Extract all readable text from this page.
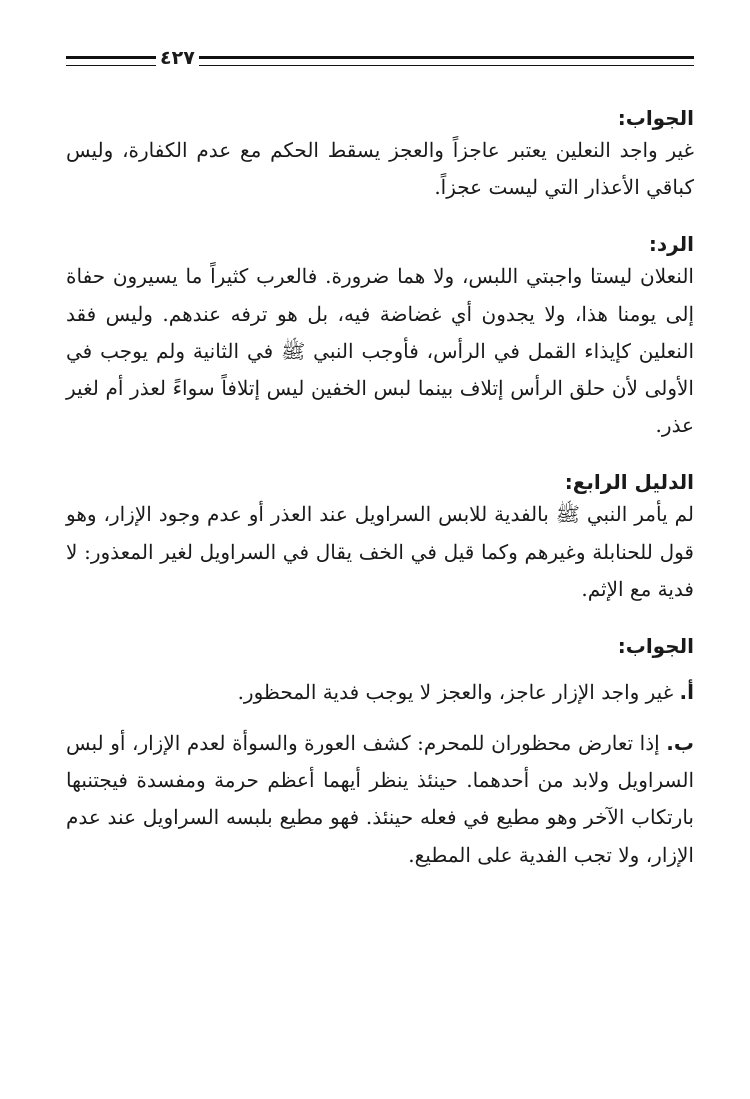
٤٢٧
الجواب:

غير واجد النعلين يعتبر عاجزاً والعجز يسقط الحكم مع عدم الكفارة، وليس كباقي الأعذار التي ليست عجزاً.

الرد:

النعلان ليستا واجبتي اللبس، ولا هما ضرورة. فالعرب كثيراً ما يسيرون حفاة إلى يومنا هذا، ولا يجدون أي غضاضة فيه، بل هو ترفه عندهم. وليس فقد النعلين كإيذاء القمل في الرأس، فأوجب النبي ﷺ في الثانية ولم يوجب في الأولى لأن حلق الرأس إتلاف بينما لبس الخفين ليس إتلافاً سواءً لعذر أم لغير عذر.

الدليل الرابع:

لم يأمر النبي ﷺ بالفدية للابس السراويل عند العذر أو عدم وجود الإزار، وهو قول للحنابلة وغيرهم وكما قيل في الخف يقال في السراويل لغير المعذور: لا فدية مع الإثم.

الجواب:

أ. غير واجد الإزار عاجز، والعجز لا يوجب فدية المحظور.

ب. إذا تعارض محظوران للمحرم: كشف العورة والسوأة لعدم الإزار، أو لبس السراويل ولابد من أحدهما. حينئذ ينظر أيهما أعظم حرمة ومفسدة فيجتنبها بارتكاب الآخر وهو مطيع في فعله حينئذ. فهو مطيع بلبسه السراويل عند عدم الإزار، ولا تجب الفدية على المطيع.
